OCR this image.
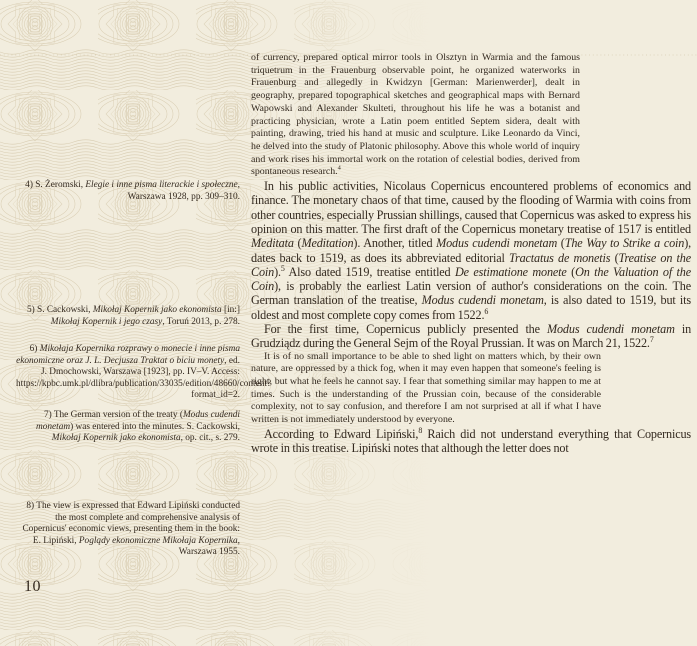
4) S. Żeromski, Elegie i inne pisma literackie i społeczne, Warszawa 1928, pp. 309–310.

5) S. Cackowski, Mikołaj Kopernik jako ekonomista [in:] Mikołaj Kopernik i jego czasy, Toruń 2013, p. 278.

6) Mikołaja Kopernika rozprawy o monecie i inne pisma ekonomiczne oraz J. L. Decjusza Traktat o biciu monety, ed. J. Dmochowski, Warszawa [1923], pp. IV–V. Access: https://kpbc.umk.pl/dlibra/publication/33035/edition/48660/content?format_id=2.

7) The German version of the treaty (Modus cudendi monetam) was entered into the minutes. S. Cackowski, Mikołaj Kopernik jako ekonomista, op. cit., s. 279.

8) The view is expressed that Edward Lipiński conducted the most complete and comprehensive analysis of Copernicus' economic views, presenting them in the book: E. Lipiński, Poglądy ekonomiczne Mikołaja Kopernika, Warszawa 1955.

of currency, prepared optical mirror tools in Olsztyn in Warmia and the famous triquetrum in the Frauenburg observable point, he organized waterworks in Frauenburg and allegedly in Kwidzyn [German: Marienwerder], dealt in geography, prepared topographical sketches and geographical maps with Bernard Wapowski and Alexander Skulteti, throughout his life he was a botanist and practicing physician, wrote a Latin poem entitled Septem sidera, dealt with painting, drawing, tried his hand at music and sculpture. Like Leonardo da Vinci, he delved into the study of Platonic philosophy. Above this whole world of inquiry and work rises his immortal work on the rotation of celestial bodies, derived from spontaneous research.$^4$

In his public activities, Nicolaus Copernicus encountered problems of economics and finance. The monetary chaos of that time, caused by the flooding of Warmia with coins from other countries, especially Prussian shillings, caused that Copernicus was asked to express his opinion on this matter. The first draft of the Copernicus monetary treatise of 1517 is entitled Meditata (Meditation). Another, titled Modus cudendi monetam (The Way to Strike a coin), dates back to 1519, as does its abbreviated editorial Tractatus de monetis (Treatise on the Coin).$^5$ Also dated 1519, treatise entitled De estimatione monete (On the Valuation of the Coin), is probably the earliest Latin version of author's considerations on the coin. The German translation of the treatise, Modus cudendi monetam, is also dated to 1519, but its oldest and most complete copy comes from 1522.$^6$

For the first time, Copernicus publicly presented the Modus cudendi monetam in Grudziądz during the General Sejm of the Royal Prussian. It was on March 21, 1522.$^7$

It is of no small importance to be able to shed light on matters which, by their own nature, are oppressed by a thick fog, when it may even happen that someone's feeling is right, but what he feels he cannot say. I fear that something similar may happen to me at times. Such is the understanding of the Prussian coin, because of the considerable complexity, not to say confusion, and therefore I am not surprised at all if what I have written is not immediately understood by everyone.

According to Edward Lipiński,$^8$ Raich did not understand everything that Copernicus wrote in this treatise. Lipiński notes that although the letter does not

10
